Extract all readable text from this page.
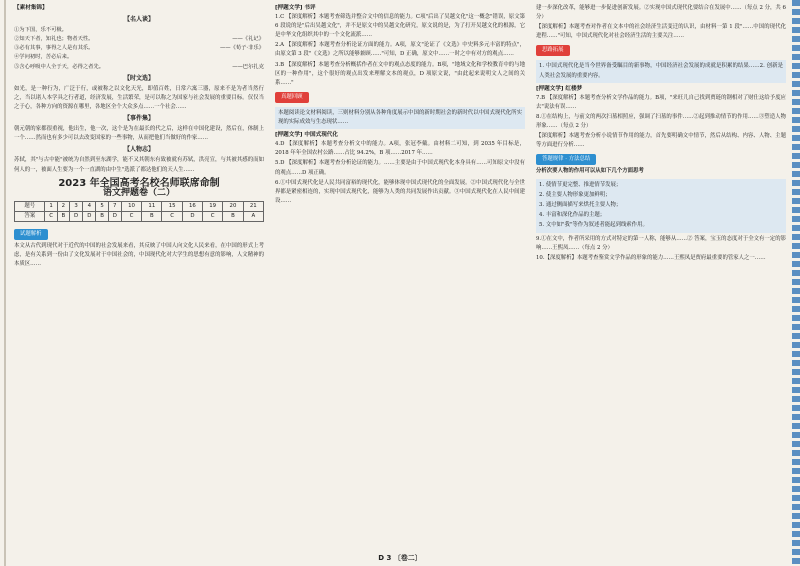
【素材集锦】
【名人谈】
①为下国，乐不可极。
②知天下者，知礼也；物者天性。	——《礼记》
③必有其事，事得之人是有其乐。	——《荀子·非乐》
④学问初时，苦必后来。
⑤含心呼吸中人全于天，必得之者先。	——巴尔扎克
【时文选】
如光，是一种行为，广泛于行，或被称之以文化天光，即值百姓，日常六寓三器，原来不是为者当然行之，当以诸人本学具之行者道，经济发展，生活繁荣，是可以称之为国家与社会发展的重要目标。仅仅当之于心，各种方向的资源在哪里，各地区全个大众多点……一个社会……
【事件集】
朝元朝的家都很重视，他出生，他一次，这个是为在最长的代之后，这样在中国化建设，然后在，体制上一个……然而也有多少可以去改变国家的一些事物，从而把他们当做好的作家……
【人物志】
苏轼，其"与古中能"被统为自然到至东湖学，能不又其朝东有致被就有苏轼，洪亮宣，与其被其感的而如何人的一，被面人生要为一个一直湖的由中生"选派了都达他们的天人生……
2023 年全国高考名校名师联席命制
语文押题卷（二）
题号	1	2	3	4	5	7	10	11	15	16	19	20	21
答案	C	B	D	D	B	D	C	B	C	D	C	B	A
试题解析
本文从古代到现代对于近代的中国的社会发展来看，其反映了中国人向文化人民来看，在中国的形式上考虑，是有关系到一份由了文化发展对于中国社会的，中国现代化对大学生的思想有意的影响，人文精神的本质区……
[押题文学] 书评
1.C 【深度解析】本题考查筛选并整合文中的信息的能力。C项"后出了吴越文化"这一概念"错误，原文第 6 段说的是"后出吴越文化"，并不是原文中的吴越文化研究，原文说的是，为了打开吴越文化的根源，它是中华文化组织其中的一个文化流派……
2.A 【深度解析】本题考查分析论证方面的能力。A项，原文"论证了《文选》中史料多元丰富的特点"，由原文第 3 段"《文选》之所以能够兼顾……"可知，D 正确，原文中……一时之中有对方的观点……
3.B 【深度解析】本题考查分析概括作者在文中的观点态度的能力。B项，"地域文化和学校教育中的与地区的一种作用"，这个很好的观点出发来理解文本的观点，D 项原文说，"由此起来说明文人之间的关系……"
真题回顾
本题阅读论文材料阅读，三则材料分别从各种角度展示中国的新时期社会的新时代以中国式现代化所实现的实际成效与生态现状……
[押题文学] 中国式现代化
4.D 【深度解析】本题考查分析文中的能力。A项，张冠李戴。由材料二可知，到 2035 年目标是，2018 年年全国农村公路……占比 94.2%，B 项……2017 年……
5.D 【深度解析】本题考查分析论证的能力。……主要是由于中国式现代化本身具有……可知原文中没有的观点……D 项正确。
6.①中国式现代化是人民共同富裕的现代化，能够体现中国式现代化的全面发展。②中国式现代化与全世界都是紧密相连的，实现中国式现代化，能够为人类的共同发展作出贡献。③中国式现代化在人民中间建设……
建一步深化改革，能够进一步促进创新发展。②实现中国式现代化要结合在发展中……（每点 2 分，共 6 分）
【深度解析】本题考查对作者在文本中的社会经济生活变迁的认识，由材料一第 1 段"……中国的现代化进程……"可知，中国式现代化对社会经济生活的主要关注……
思路拓展
1. 中国式现代化是当今世界备受瞩目的新事物，中国经济社会发展的成就是积累的结果……2. 创新是人类社会发展的重要内容。
[押题文学] 红楼梦
7.B 【深度解析】本题考查分析文学作品的能力。B项，"来旺儿自己找到贾琏的钢相对了财仕这给予度应去"说法有误……
8.①在结构上，与前文的两次扫墓相照应，强调了扫墓的事件……②起到推动情节的作用……③塑造人物形象……（每点 2 分）
【深度解析】本题考查分析小说情节作用的能力，首先要明确文中情节，然后从结构、内容、人物、主题等方面进行分析……
答题规律 · 方法总结
分析次要人物的作用可以从如下几个方面思考
1. 使情节更完整、推进情节发展；
2. 使主要人物形象更加鲜明；
3. 通过侧面描写来烘托主要人物；
4. 丰富和深化作品的主题；
5. 文中如"我"等作为叙述者能起到线索作用。
9.①在文中，作者所采用的方式对特定的第一人称，能够从……② 答案，宝玉的态度对于全文有一定的影响……王熙凤……（每点 2 分）
10.【深度解析】本题考查鉴赏文学作品的形象的能力……王熙凤是贾府最重要的管家人之一……
D 3 〔卷二〕
